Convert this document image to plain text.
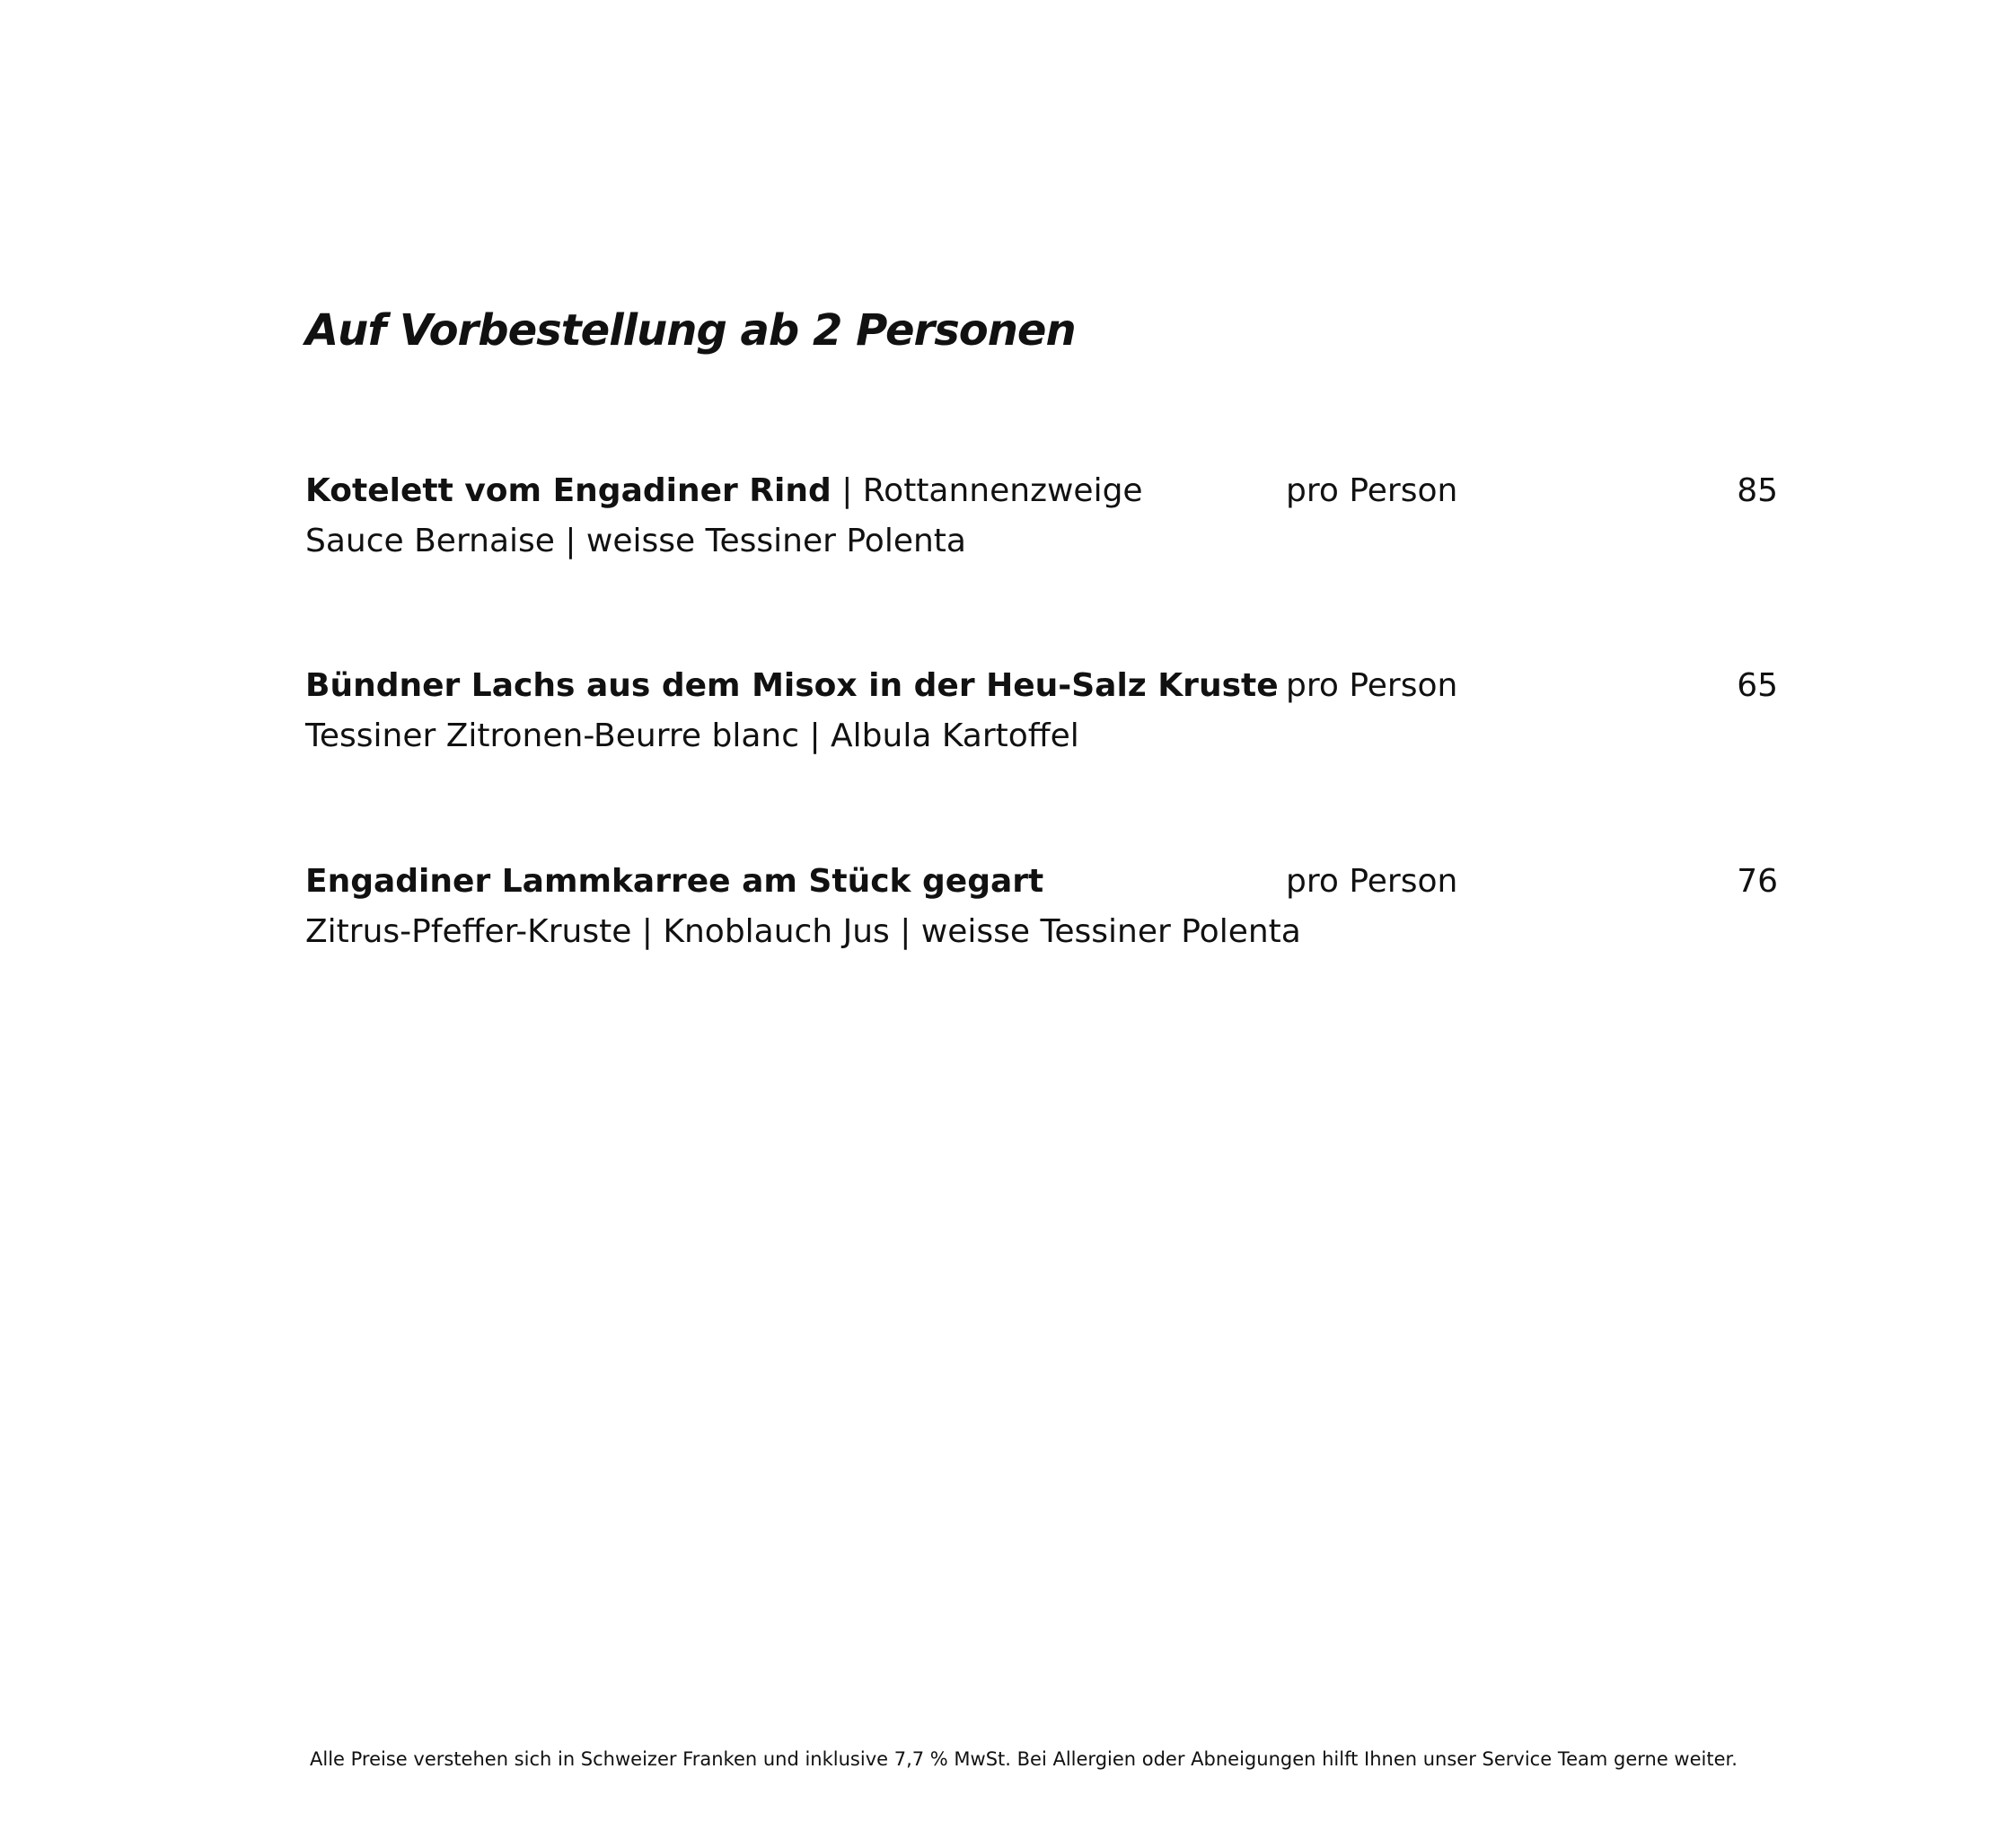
Auf Vorbestellung ab 2 Personen
Kotelett vom Engadiner Rind | Rottannenzweige
Sauce Bernaise | weisse Tessiner Polenta
pro Person	85
Bündner Lachs aus dem Misox in der Heu-Salz Kruste
Tessiner Zitronen-Beurre blanc | Albula Kartoffel
pro Person	65
Engadiner Lammkarree am Stück gegart
Zitrus-Pfeffer-Kruste | Knoblauch Jus | weisse Tessiner Polenta
pro Person	76
Alle Preise verstehen sich in Schweizer Franken und inklusive 7,7 % MwSt. Bei Allergien oder Abneigungen hilft Ihnen unser Service Team gerne weiter.
